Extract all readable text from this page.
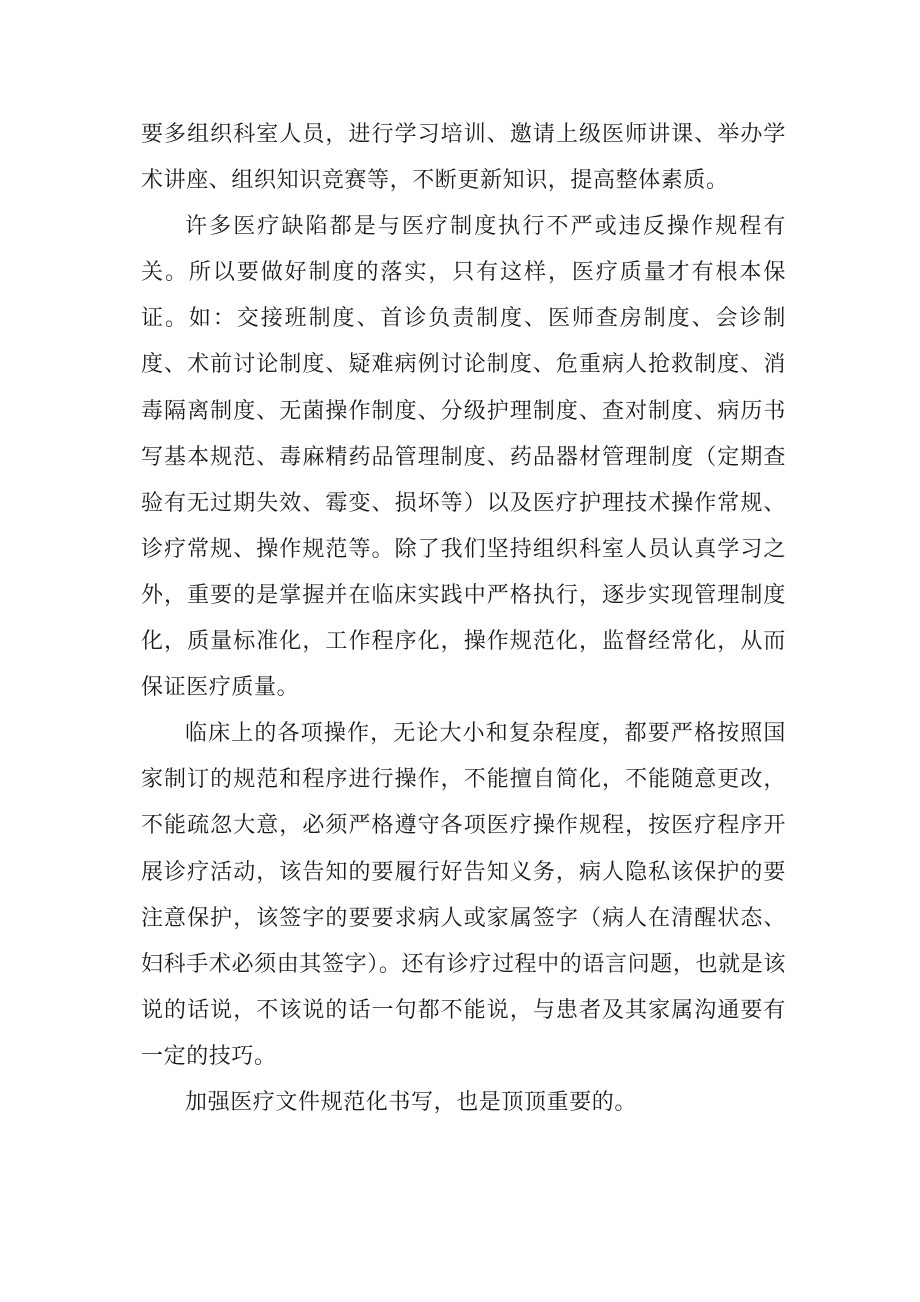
要多组织科室人员，进行学习培训、邀请上级医师讲课、举办学术讲座、组织知识竞赛等，不断更新知识，提高整体素质。

许多医疗缺陷都是与医疗制度执行不严或违反操作规程有关。所以要做好制度的落实，只有这样，医疗质量才有根本保证。如：交接班制度、首诊负责制度、医师查房制度、会诊制度、术前讨论制度、疑难病例讨论制度、危重病人抢救制度、消毒隔离制度、无菌操作制度、分级护理制度、查对制度、病历书写基本规范、毒麻精药品管理制度、药品器材管理制度（定期查验有无过期失效、霉变、损坏等）以及医疗护理技术操作常规、诊疗常规、操作规范等。除了我们坚持组织科室人员认真学习之外，重要的是掌握并在临床实践中严格执行，逐步实现管理制度化，质量标准化，工作程序化，操作规范化，监督经常化，从而保证医疗质量。

临床上的各项操作，无论大小和复杂程度，都要严格按照国家制订的规范和程序进行操作，不能擅自简化，不能随意更改，不能疏忽大意，必须严格遵守各项医疗操作规程，按医疗程序开展诊疗活动，该告知的要履行好告知义务，病人隐私该保护的要注意保护，该签字的要要求病人或家属签字（病人在清醒状态、妇科手术必须由其签字）。还有诊疗过程中的语言问题，也就是该说的话说，不该说的话一句都不能说，与患者及其家属沟通要有一定的技巧。

加强医疗文件规范化书写，也是顶顶重要的。
